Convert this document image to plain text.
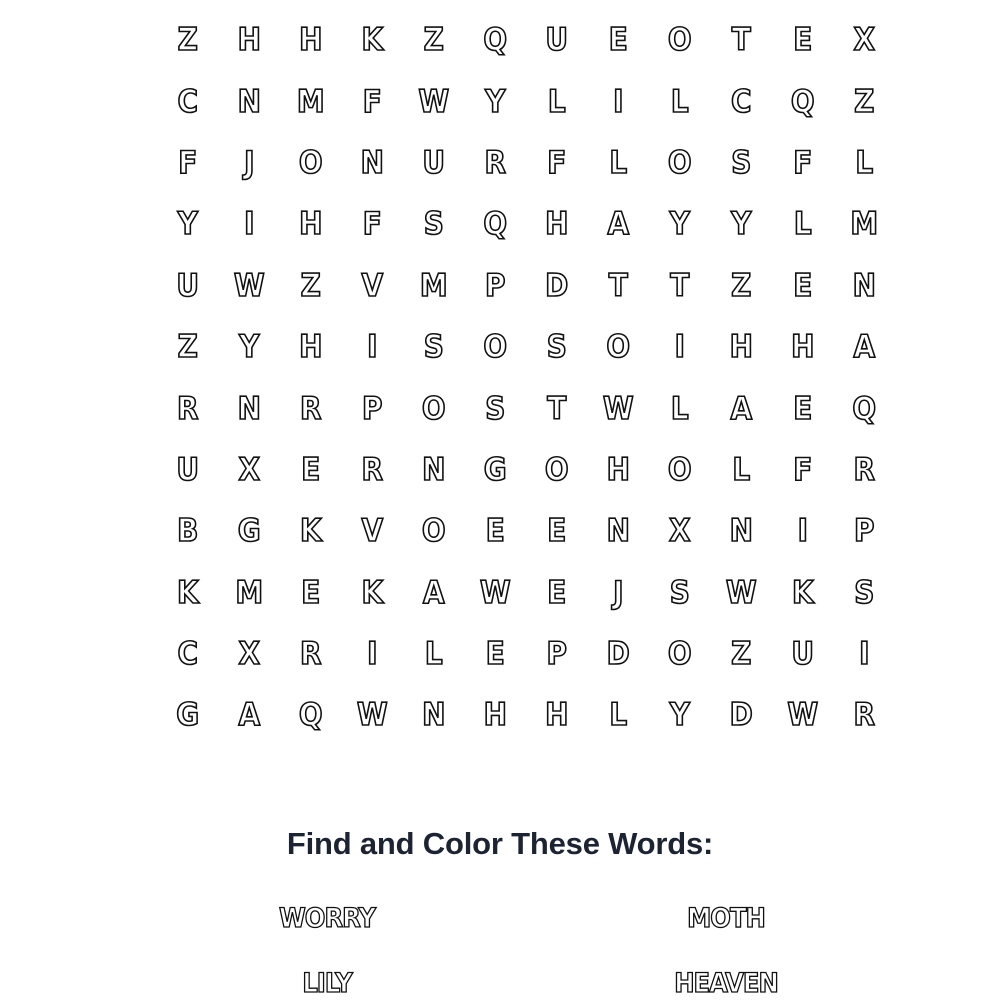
Z	H	H	K	Z	Q	U	E	O	T	E	X
C	N	M	F	W	Y	L	I	L	C	Q	Z
F	J	O	N	U	R	F	L	O	S	F	L
Y	I	H	F	S	Q	H	A	Y	Y	L	M
U	W	Z	V	M	P	D	T	T	Z	E	N
Z	Y	H	I	S	O	S	O	I	H	H	A
R	N	R	P	O	S	T	W	L	A	E	Q
U	X	E	R	N	G	O	H	O	L	F	R
B	G	K	V	O	E	E	N	X	N	I	P
K	M	E	K	A	W	E	J	S	W	K	S
C	X	R	I	L	E	P	D	O	Z	U	I
G	A	Q	W	N	H	H	L	Y	D	W	R
Find and Color These Words:
WORRY	MOTH
LILY	HEAVEN
